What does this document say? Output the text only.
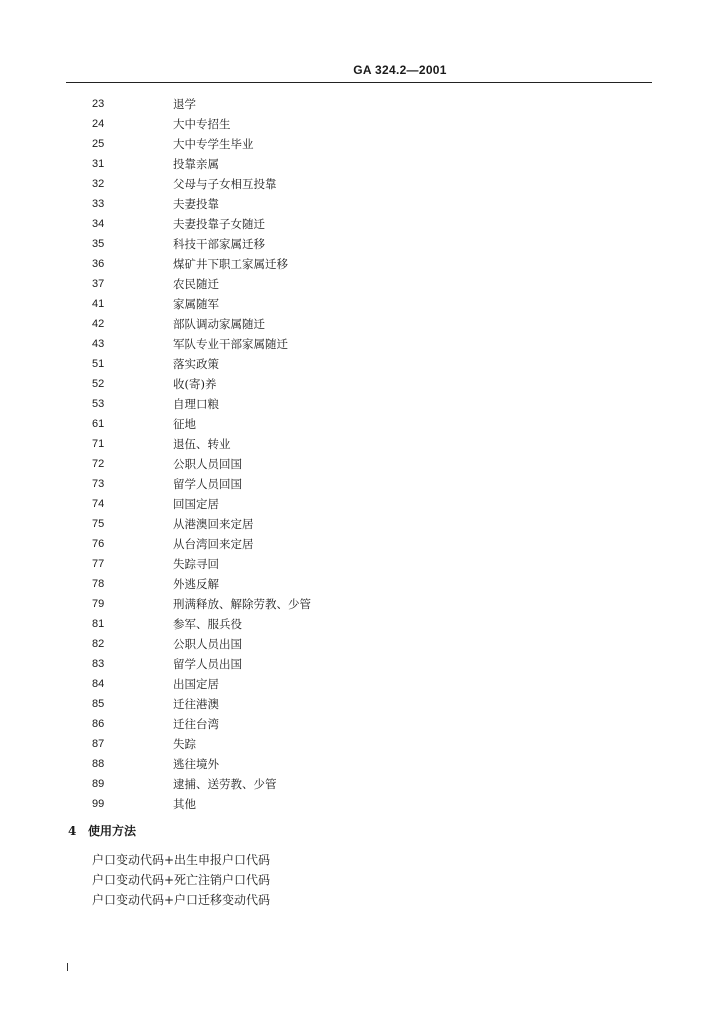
GA 324.2—2001
23	退学
24	大中专招生
25	大中专学生毕业
31	投靠亲属
32	父母与子女相互投靠
33	夫妻投靠
34	夫妻投靠子女随迁
35	科技干部家属迁移
36	煤矿井下职工家属迁移
37	农民随迁
41	家属随军
42	部队调动家属随迁
43	军队专业干部家属随迁
51	落实政策
52	收(寄)养
53	自理口粮
61	征地
71	退伍、转业
72	公职人员回国
73	留学人员回国
74	回国定居
75	从港澳回来定居
76	从台湾回来定居
77	失踪寻回
78	外逃反解
79	刑满释放、解除劳教、少管
81	参军、服兵役
82	公职人员出国
83	留学人员出国
84	出国定居
85	迁往港澳
86	迁往台湾
87	失踪
88	逃往境外
89	逮捕、送劳教、少管
99	其他
4 使用方法
户口变动代码+出生申报户口代码
户口变动代码+死亡注销户口代码
户口变动代码+户口迁移变动代码
